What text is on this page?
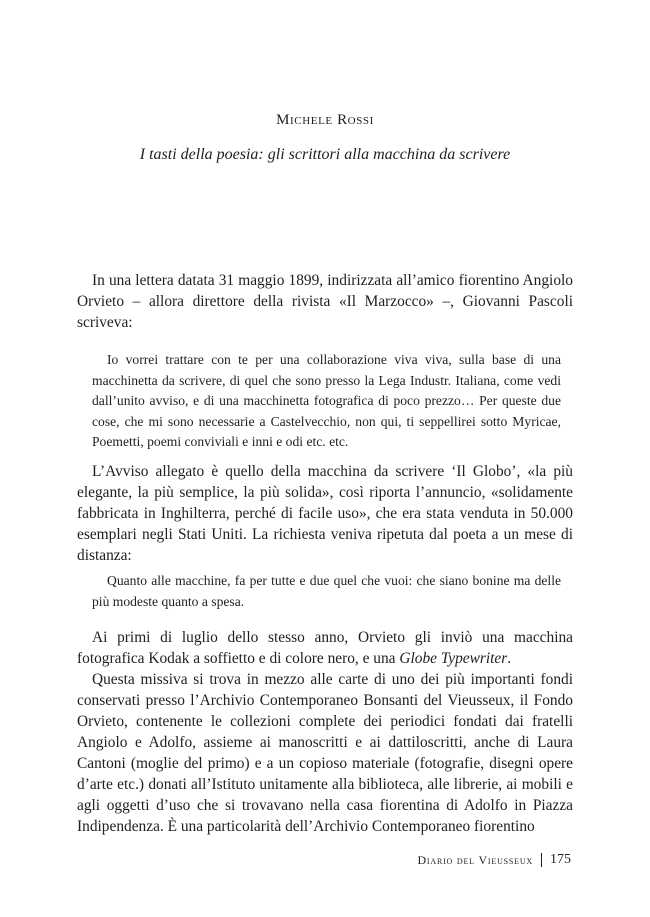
Michele Rossi
I tasti della poesia: gli scrittori alla macchina da scrivere

In una lettera datata 31 maggio 1899, indirizzata all’amico fiorentino Angiolo Orvieto – allora direttore della rivista «Il Marzocco» –, Giovanni Pascoli scriveva:

Io vorrei trattare con te per una collaborazione viva viva, sulla base di una macchinetta da scrivere, di quel che sono presso la Lega Industr. Italiana, come vedi dall’unito avviso, e di una macchinetta fotografica di poco prezzo… Per queste due cose, che mi sono necessarie a Castelvecchio, non qui, ti seppellirei sotto Myricae, Poemetti, poemi conviviali e inni e odi etc. etc.

L’Avviso allegato è quello della macchina da scrivere ‘Il Globo’, «la più elegante, la più semplice, la più solida», così riporta l’annuncio, «solidamente fabbricata in Inghilterra, perché di facile uso», che era stata venduta in 50.000 esemplari negli Stati Uniti. La richiesta veniva ripetuta dal poeta a un mese di distanza:

Quanto alle macchine, fa per tutte e due quel che vuoi: che siano bonine ma delle più modeste quanto a spesa.

Ai primi di luglio dello stesso anno, Orvieto gli inviò una macchina fotografica Kodak a soffietto e di colore nero, e una Globe Typewriter.

Questa missiva si trova in mezzo alle carte di uno dei più importanti fondi conservati presso l’Archivio Contemporaneo Bonsanti del Vieusseux, il Fondo Orvieto, contenente le collezioni complete dei periodici fondati dai fratelli Angiolo e Adolfo, assieme ai manoscritti e ai dattiloscritti, anche di Laura Cantoni (moglie del primo) e a un copioso materiale (fotografie, disegni opere d’arte etc.) donati all’Istituto unitamente alla biblioteca, alle librerie, ai mobili e agli oggetti d’uso che si trovavano nella casa fiorentina di Adolfo in Piazza Indipendenza. È una particolarità dell’Archivio Contemporaneo fiorentino

Diario del Vieusseux 175
